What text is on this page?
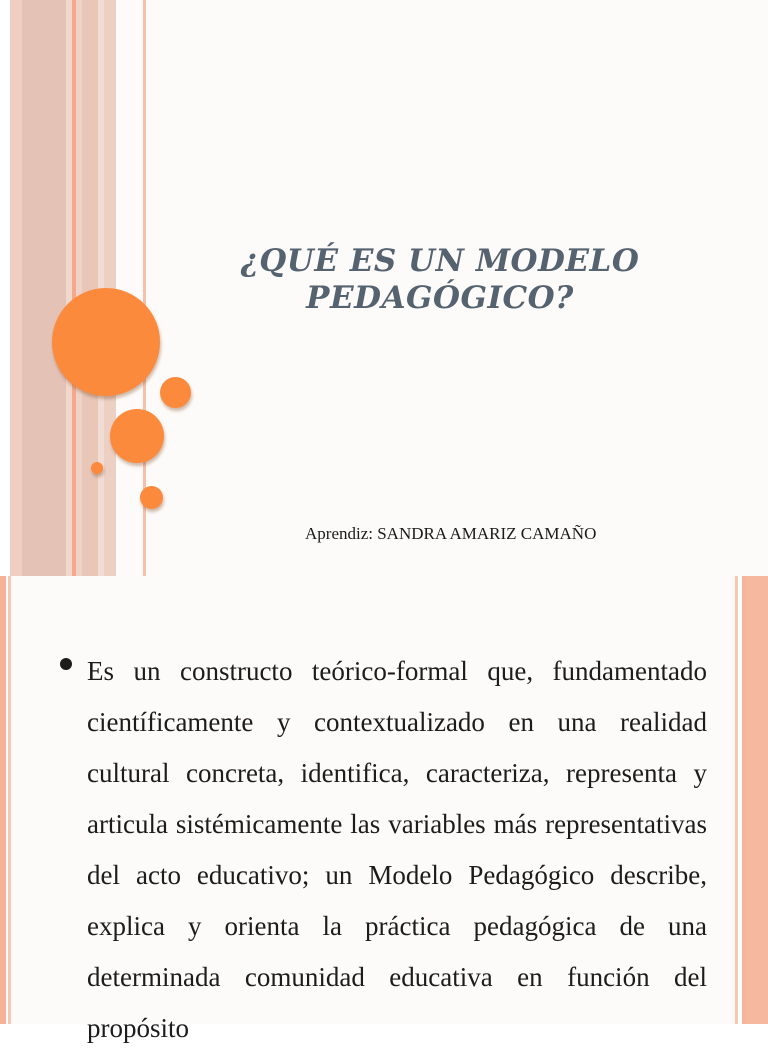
¿QUÉ ES UN MODELO
PEDAGÓGICO?

Aprendiz: SANDRA AMARIZ CAMAÑO

Es un constructo teórico-formal que, fundamentado científicamente y contextualizado en una realidad cultural concreta, identifica, caracteriza, representa y articula sistémicamente las variables más representativas del acto educativo; un Modelo Pedagógico describe, explica y orienta la práctica pedagógica de una determinada comunidad educativa en función del propósito
